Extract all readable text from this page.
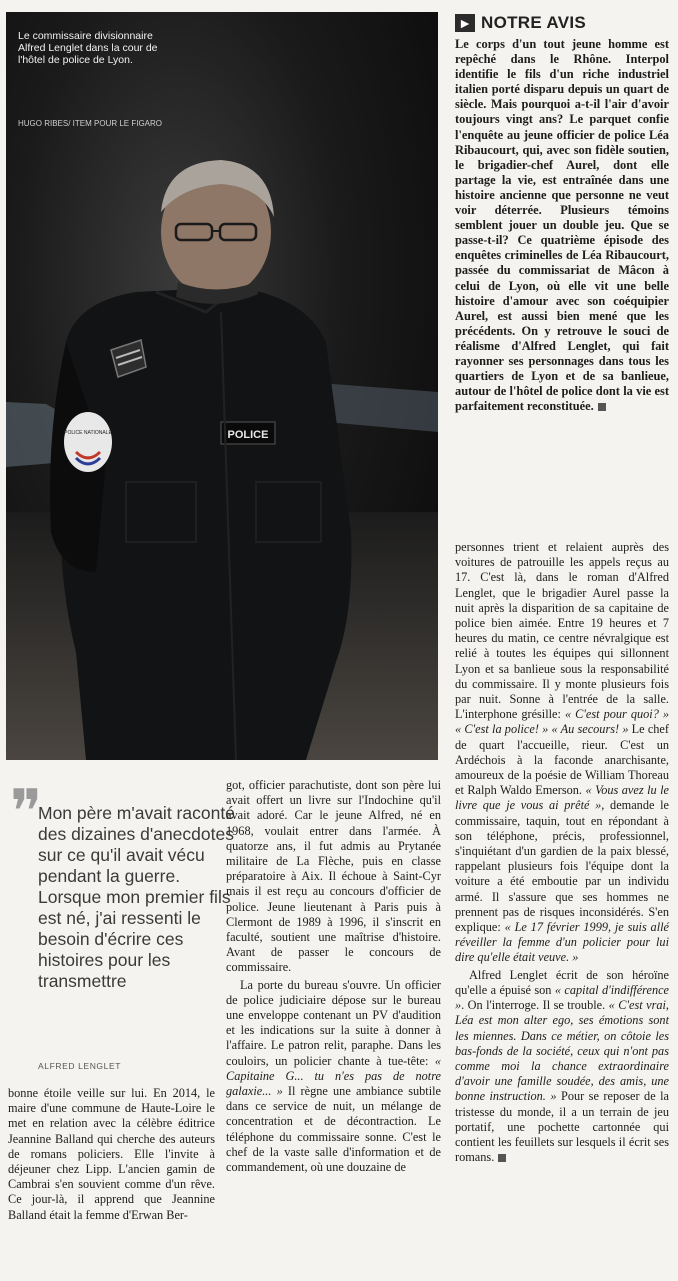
POLICE NATIONALE	POLICE
Le commissaire divisionnaire Alfred Lenglet dans la cour de l'hôtel de police de Lyon.
HUGO RIBES/ ITEM POUR LE FIGARO
► NOTRE AVIS

Le corps d'un tout jeune homme est repêché dans le Rhône. Interpol identifie le fils d'un riche industriel italien porté disparu depuis un quart de siècle. Mais pourquoi a-t-il l'air d'avoir toujours vingt ans? Le parquet confie l'enquête au jeune officier de police Léa Ribaucourt, qui, avec son fidèle soutien, le brigadier-chef Aurel, dont elle partage la vie, est entraînée dans une histoire ancienne que personne ne veut voir déterrée. Plusieurs témoins semblent jouer un double jeu. Que se passe-t-il? Ce quatrième épisode des enquêtes criminelles de Léa Ribaucourt, passée du commissariat de Mâcon à celui de Lyon, où elle vit une belle histoire d'amour avec son coéquipier Aurel, est aussi bien mené que les précédents. On y retrouve le souci de réalisme d'Alfred Lenglet, qui fait rayonner ses personnages dans tous les quartiers de Lyon et de sa banlieue, autour de l'hôtel de police dont la vie est parfaitement reconstituée.

❞

Mon père m'avait raconté des dizaines d'anecdotes sur ce qu'il avait vécu pendant la guerre. Lorsque mon premier fils est né, j'ai ressenti le besoin d'écrire ces histoires pour les transmettre

ALFRED LENGLET

bonne étoile veille sur lui. En 2014, le maire d'une commune de Haute-Loire le met en relation avec la célèbre éditrice Jeannine Balland qui cherche des auteurs de romans policiers. Elle l'invite à déjeuner chez Lipp. L'ancien gamin de Cambrai s'en souvient comme d'un rêve. Ce jour-là, il apprend que Jeannine Balland était la femme d'Erwan Ber-

got, officier parachutiste, dont son père lui avait offert un livre sur l'Indochine qu'il avait adoré. Car le jeune Alfred, né en 1968, voulait entrer dans l'armée. À quatorze ans, il fut admis au Prytanée militaire de La Flèche, puis en classe préparatoire à Aix. Il échoue à Saint-Cyr mais il est reçu au concours d'officier de police. Jeune lieutenant à Paris puis à Clermont de 1989 à 1996, il s'inscrit en faculté, soutient une maîtrise d'histoire. Avant de passer le concours de commissaire.

La porte du bureau s'ouvre. Un officier de police judiciaire dépose sur le bureau une enveloppe contenant un PV d'audition et les indications sur la suite à donner à l'affaire. Le patron relit, paraphe. Dans les couloirs, un policier chante à tue-tête: « Capitaine G... tu n'es pas de notre galaxie... » Il règne une ambiance subtile dans ce service de nuit, un mélange de concentration et de décontraction. Le téléphone du commissaire sonne. C'est le chef de la vaste salle d'information et de commandement, où une douzaine de

personnes trient et relaient auprès des voitures de patrouille les appels reçus au 17. C'est là, dans le roman d'Alfred Lenglet, que le brigadier Aurel passe la nuit après la disparition de sa capitaine de police bien aimée. Entre 19 heures et 7 heures du matin, ce centre névralgique est relié à toutes les équipes qui sillonnent Lyon et sa banlieue sous la responsabilité du commissaire. Il y monte plusieurs fois par nuit. Sonne à l'entrée de la salle. L'interphone grésille: « C'est pour quoi? » « C'est la police! » « Au secours! » Le chef de quart l'accueille, rieur. C'est un Ardéchois à la faconde anarchisante, amoureux de la poésie de William Thoreau et Ralph Waldo Emerson. « Vous avez lu le livre que je vous ai prêté », demande le commissaire, taquin, tout en répondant à son téléphone, précis, professionnel, s'inquiétant d'un gardien de la paix blessé, rappelant plusieurs fois l'équipe dont la voiture a été emboutie par un individu armé. Il s'assure que ses hommes ne prennent pas de risques inconsidérés. S'en explique: « Le 17 février 1999, je suis allé réveiller la femme d'un policier pour lui dire qu'elle était veuve. »

Alfred Lenglet écrit de son héroïne qu'elle a épuisé son « capital d'indifférence ». On l'interroge. Il se trouble. « C'est vrai, Léa est mon alter ego, ses émotions sont les miennes. Dans ce métier, on côtoie les bas-fonds de la société, ceux qui n'ont pas comme moi la chance extraordinaire d'avoir une famille soudée, des amis, une bonne instruction. » Pour se reposer de la tristesse du monde, il a un terrain de jeu portatif, une pochette cartonnée qui contient les feuillets sur lesquels il écrit ses romans.
